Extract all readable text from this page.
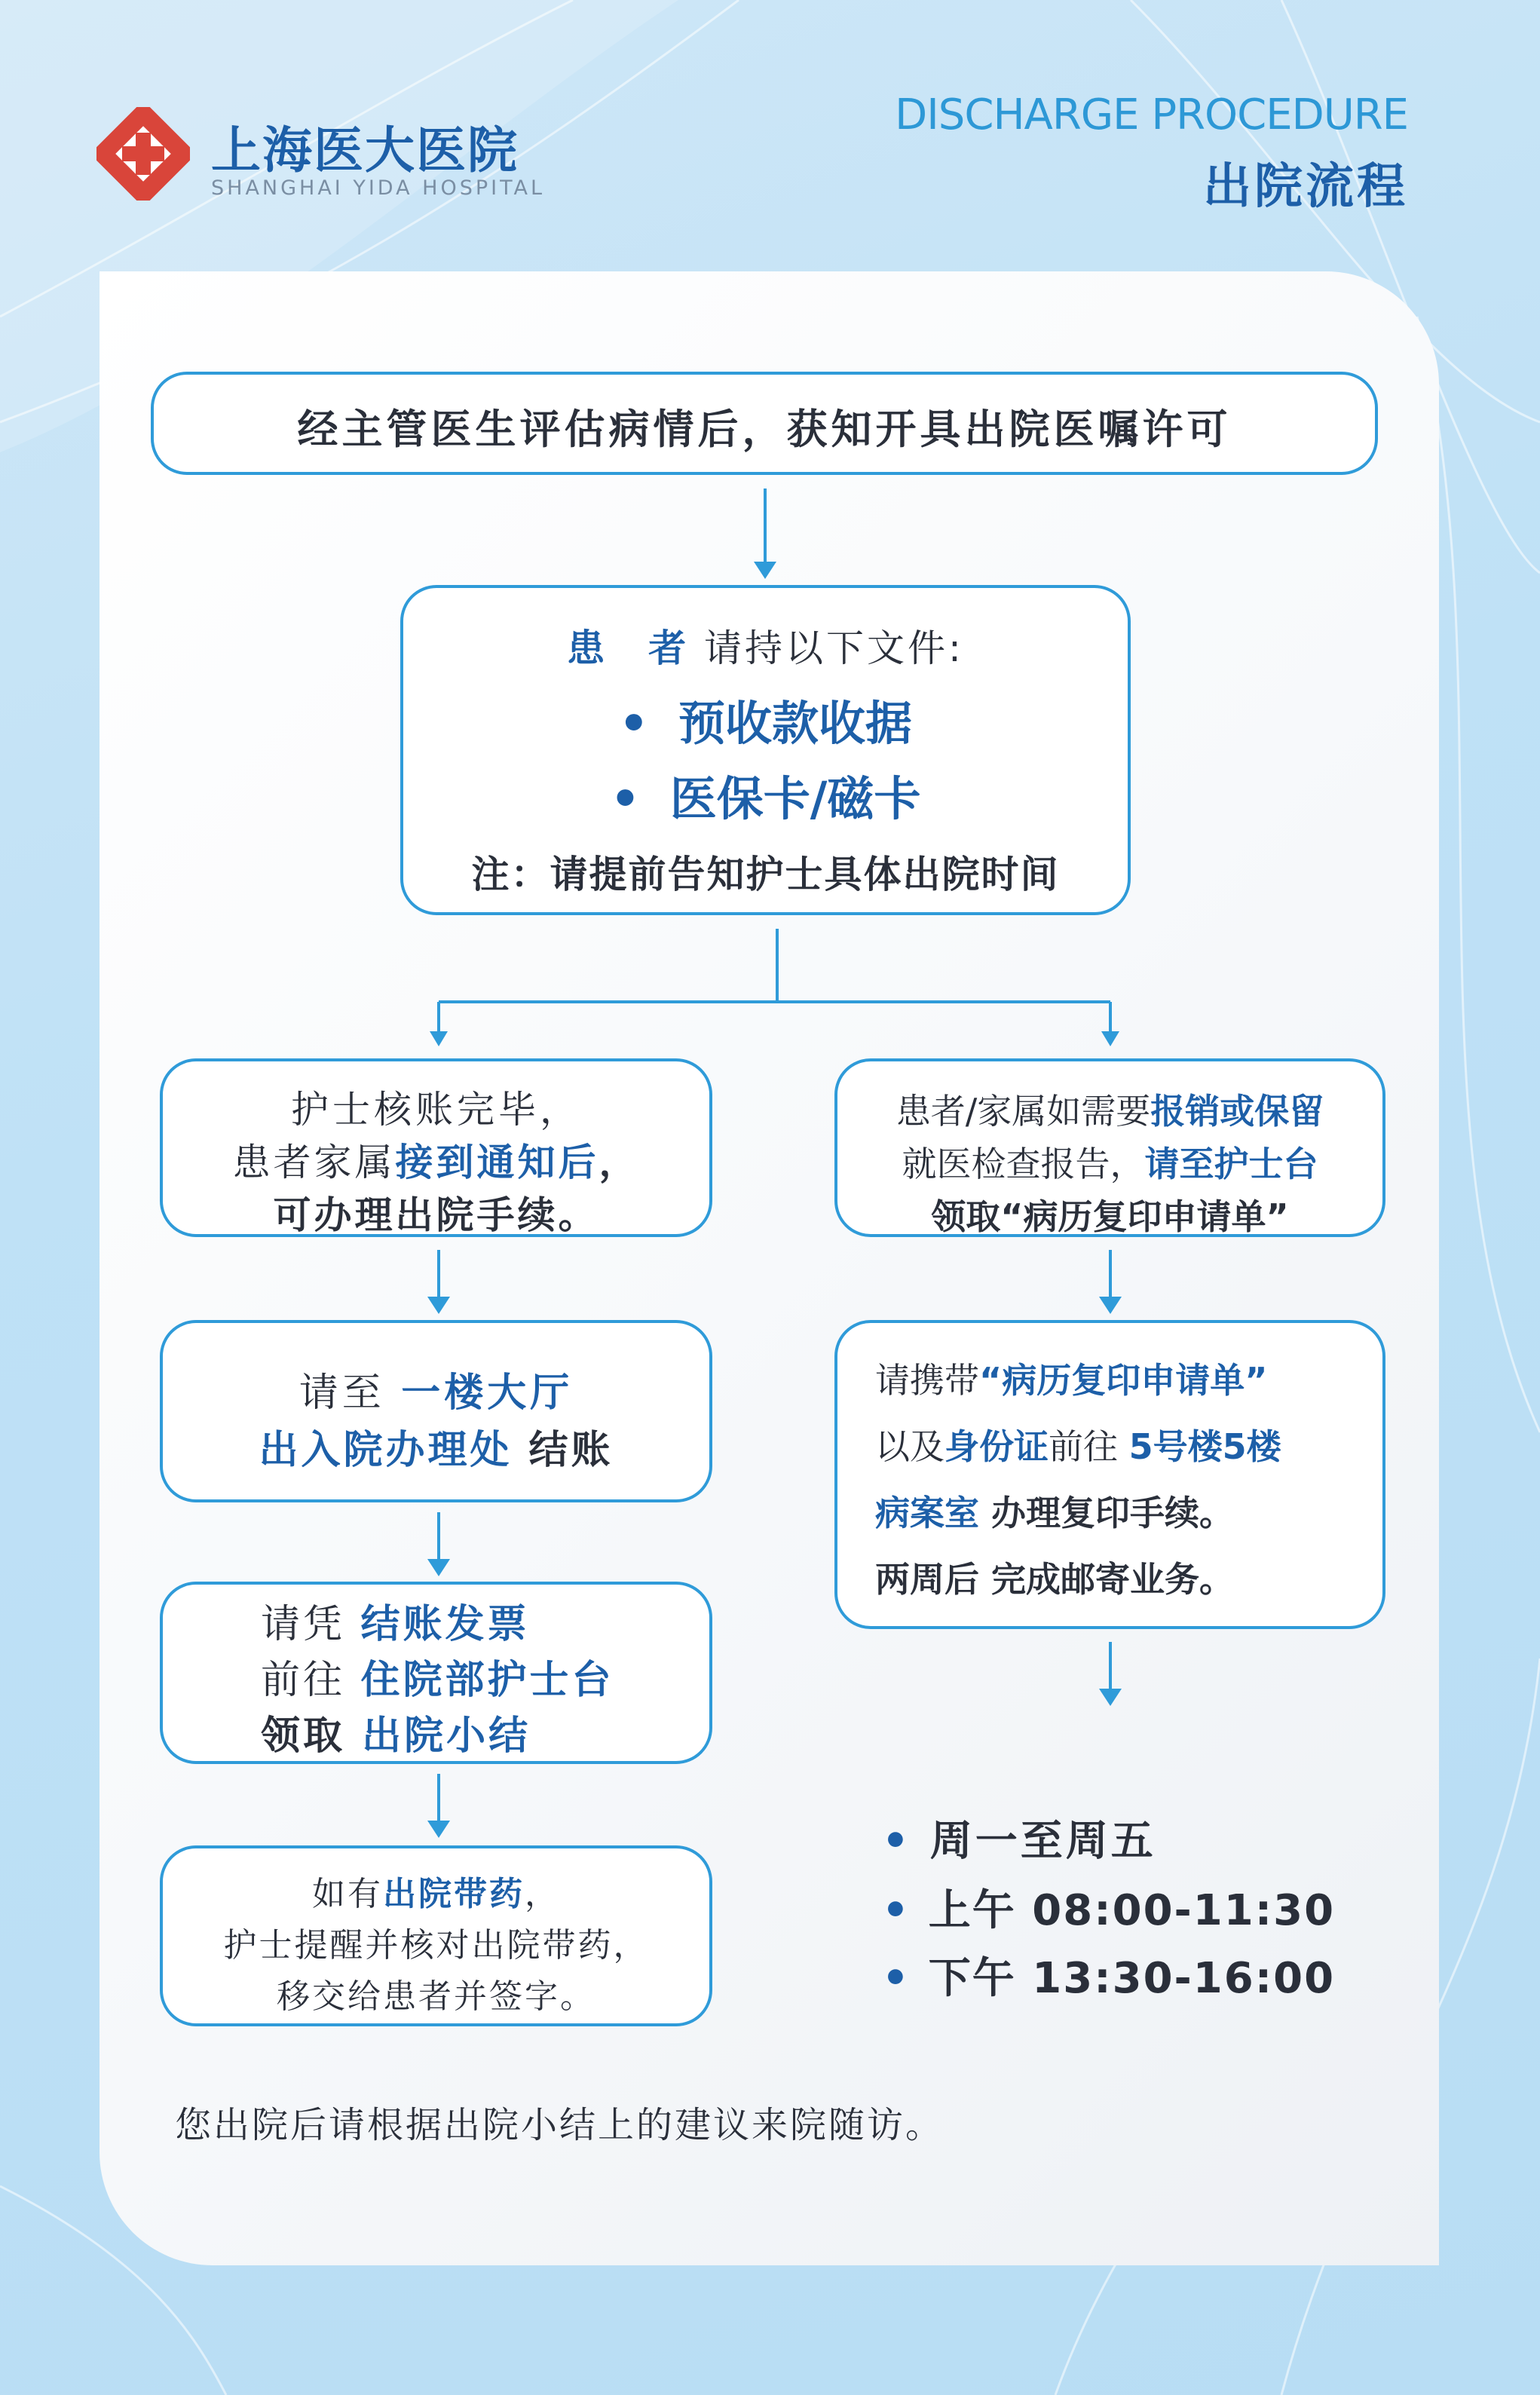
上海医大医院
SHANGHAI YIDA HOSPITAL
DISCHARGE PROCEDURE
出院流程
经主管医生评估病情后，获知开具出院医嘱许可
患　者 请持以下文件:
• 预收款收据
• 医保卡/磁卡
注：请提前告知护士具体出院时间
护士核账完毕，
患者家属接到通知后，
可办理出院手续。
患者/家属如需要报销或保留
就医检查报告，请至护士台
领取“病历复印申请单”
请至 一楼大厅
出入院办理处 结账
请携带“病历复印申请单”
以及身份证前往 5号楼5楼
病案室 办理复印手续。
两周后 完成邮寄业务。
请凭 结账发票
前往 住院部护士台
领取 出院小结
如有出院带药，
护士提醒并核对出院带药，
移交给患者并签字。
• 周一至周五
• 上午 08:00-11:30
• 下午 13:30-16:00
您出院后请根据出院小结上的建议来院随访。
